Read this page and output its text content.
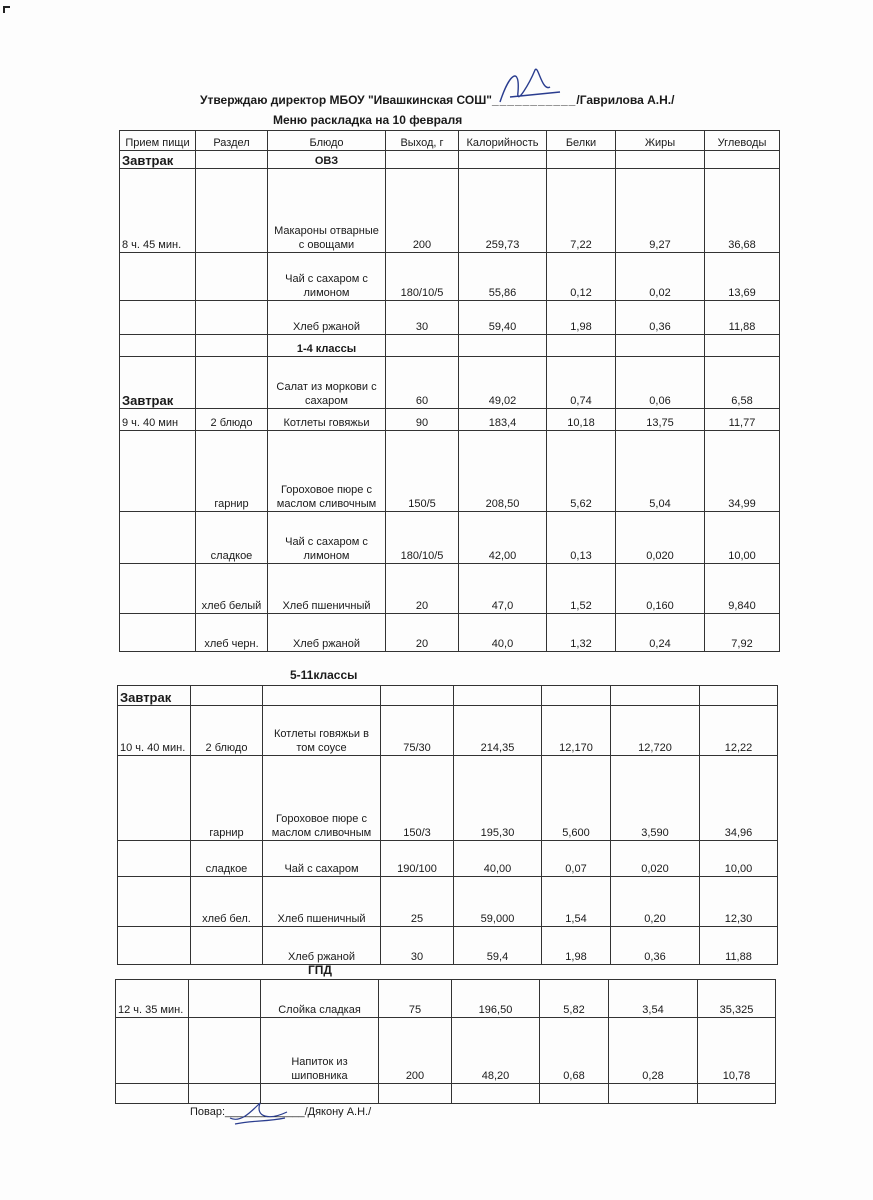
Утверждаю директор МБОУ "Ивашкинская СОШ"___________/Гаврилова А.Н./
Меню раскладка на 10 февраля
Прием пищи	Раздел	Блюдо	Выход, г	Калорийность	Белки	Жиры	Углеводы
Завтрак		ОВЗ					
8 ч. 45 мин.		Макароны отварные с овощами	200	259,73	7,22	9,27	36,68
		Чай с сахаром с лимоном	180/10/5	55,86	0,12	0,02	13,69
		Хлеб ржаной	30	59,40	1,98	0,36	11,88
		1-4 классы					
Завтрак		Салат из моркови с сахаром	60	49,02	0,74	0,06	6,58
9 ч. 40 мин	2 блюдо	Котлеты говяжьи	90	183,4	10,18	13,75	11,77
	гарнир	Гороховое пюре с маслом сливочным	150/5	208,50	5,62	5,04	34,99
	сладкое	Чай с сахаром с лимоном	180/10/5	42,00	0,13	0,020	10,00
	хлеб белый	Хлеб пшеничный	20	47,0	1,52	0,160	9,840
	хлеб черн.	Хлеб ржаной	20	40,0	1,32	0,24	7,92
5-11классы
Завтрак							
10 ч. 40 мин.	2 блюдо	Котлеты говяжьи в том соусе	75/30	214,35	12,170	12,720	12,22
	гарнир	Гороховое пюре с маслом сливочным	150/3	195,30	5,600	3,590	34,96
	сладкое	Чай с сахаром	190/100	40,00	0,07	0,020	10,00
	хлеб бел.	Хлеб пшеничный	25	59,000	1,54	0,20	12,30
		Хлеб ржаной	30	59,4	1,98	0,36	11,88
ГПД
12 ч. 35 мин.		Слойка сладкая	75	196,50	5,82	3,54	35,325
		Напиток из шиповника	200	48,20	0,68	0,28	10,78

Повар:_____________/Дякону А.Н./
